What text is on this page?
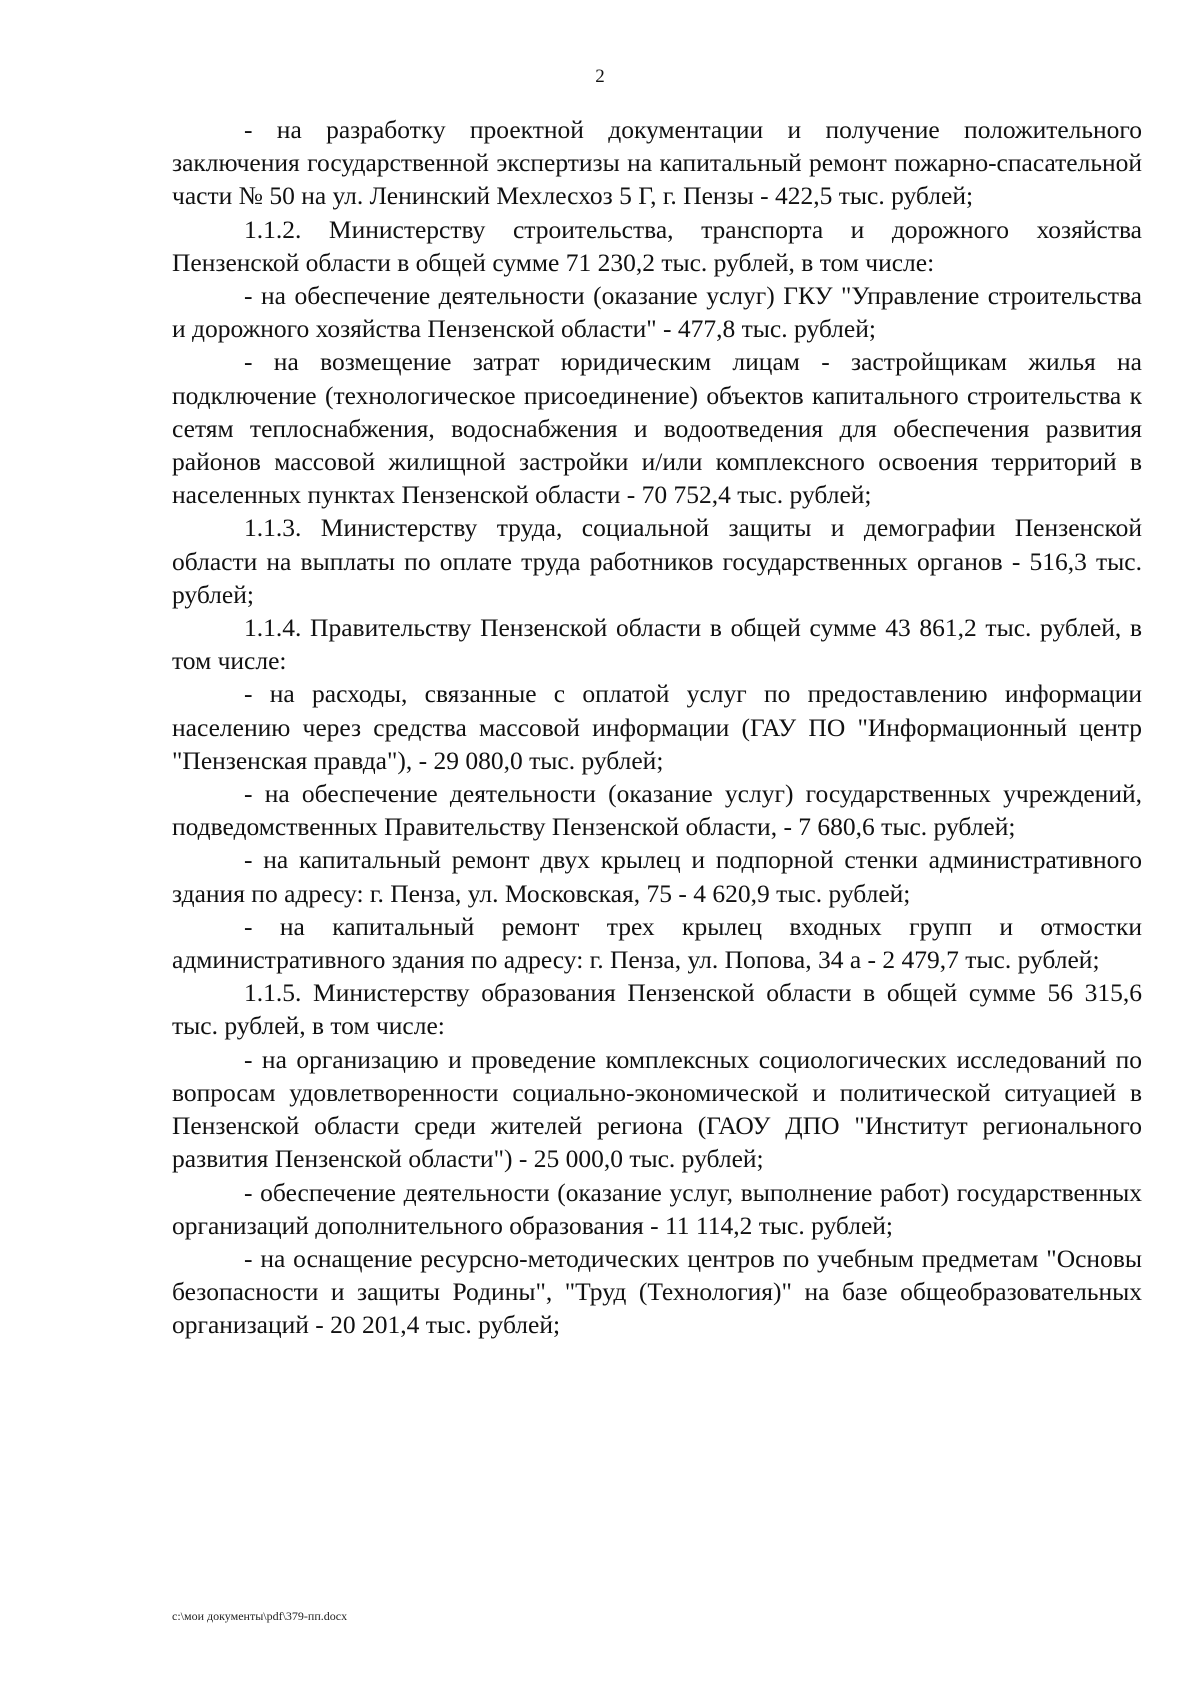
2

- на разработку проектной документации и получение положительного заключения государственной экспертизы на капитальный ремонт пожарно-спасательной части № 50 на ул. Ленинский Мехлесхоз 5 Г, г. Пензы - 422,5 тыс. рублей;

1.1.2. Министерству строительства, транспорта и дорожного хозяйства Пензенской области в общей сумме 71 230,2 тыс. рублей, в том числе:

- на обеспечение деятельности (оказание услуг) ГКУ "Управление строительства и дорожного хозяйства Пензенской области" - 477,8 тыс. рублей;

- на возмещение затрат юридическим лицам - застройщикам жилья на подключение (технологическое присоединение) объектов капитального строительства к сетям теплоснабжения, водоснабжения и водоотведения для обеспечения развития районов массовой жилищной застройки и/или комплексного освоения территорий в населенных пунктах Пензенской области - 70 752,4 тыс. рублей;

1.1.3. Министерству труда, социальной защиты и демографии Пензенской области на выплаты по оплате труда работников государственных органов - 516,3 тыс. рублей;

1.1.4. Правительству Пензенской области в общей сумме 43 861,2 тыс. рублей, в том числе:

- на расходы, связанные с оплатой услуг по предоставлению информации населению через средства массовой информации (ГАУ ПО "Информационный центр "Пензенская правда"), - 29 080,0 тыс. рублей;

- на обеспечение деятельности (оказание услуг) государственных учреждений, подведомственных Правительству Пензенской области, - 7 680,6 тыс. рублей;

- на капитальный ремонт двух крылец и подпорной стенки административного здания по адресу: г. Пенза, ул. Московская, 75 - 4 620,9 тыс. рублей;

- на капитальный ремонт трех крылец входных групп и отмостки административного здания по адресу: г. Пенза, ул. Попова, 34 а - 2 479,7 тыс. рублей;

1.1.5. Министерству образования Пензенской области в общей сумме 56 315,6 тыс. рублей, в том числе:

- на организацию и проведение комплексных социологических исследований по вопросам удовлетворенности социально-экономической и политической ситуацией в Пензенской области среди жителей региона (ГАОУ ДПО "Институт регионального развития Пензенской области") - 25 000,0 тыс. рублей;

- обеспечение деятельности (оказание услуг, выполнение работ) государственных организаций дополнительного образования - 11 114,2 тыс. рублей;

- на оснащение ресурсно-методических центров по учебным предметам "Основы безопасности и защиты Родины", "Труд (Технология)" на базе общеобразовательных организаций - 20 201,4 тыс. рублей;

c:\мои документы\pdf\379-пп.docx
